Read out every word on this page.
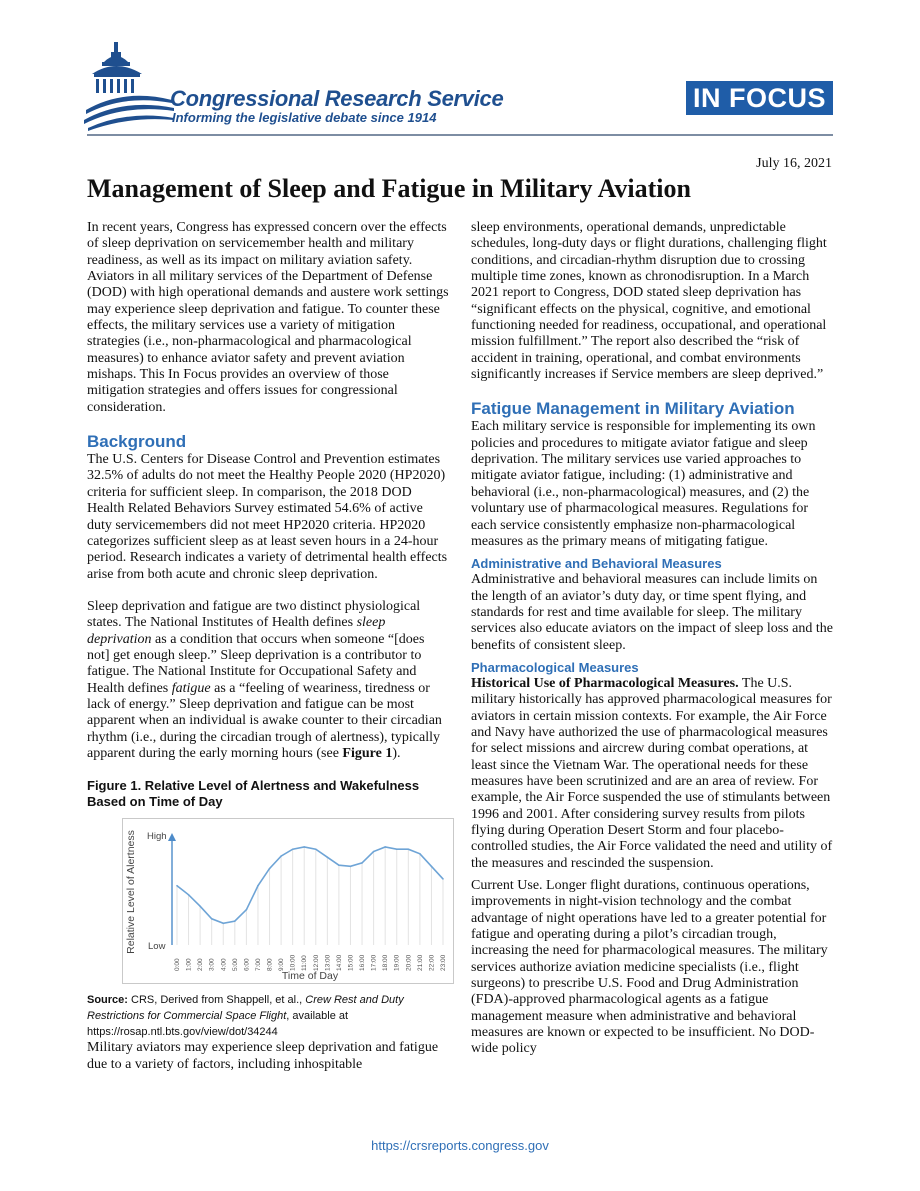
Congressional Research Service
Informing the legislative debate since 1914
IN FOCUS
July 16, 2021
Management of Sleep and Fatigue in Military Aviation

In recent years, Congress has expressed concern over the effects of sleep deprivation on servicemember health and military readiness, as well as its impact on military aviation safety. Aviators in all military services of the Department of Defense (DOD) with high operational demands and austere work settings may experience sleep deprivation and fatigue. To counter these effects, the military services use a variety of mitigation strategies (i.e., non-pharmacological and pharmacological measures) to enhance aviator safety and prevent aviation mishaps. This In Focus provides an overview of those mitigation strategies and offers issues for congressional consideration.

Background

The U.S. Centers for Disease Control and Prevention estimates 32.5% of adults do not meet the Healthy People 2020 (HP2020) criteria for sufficient sleep. In comparison, the 2018 DOD Health Related Behaviors Survey estimated 54.6% of active duty servicemembers did not meet HP2020 criteria. HP2020 categorizes sufficient sleep as at least seven hours in a 24-hour period. Research indicates a variety of detrimental health effects arise from both acute and chronic sleep deprivation.

Sleep deprivation and fatigue are two distinct physiological states. The National Institutes of Health defines sleep deprivation as a condition that occurs when someone “[does not] get enough sleep.” Sleep deprivation is a contributor to fatigue. The National Institute for Occupational Safety and Health defines fatigue as a “feeling of weariness, tiredness or lack of energy.” Sleep deprivation and fatigue can be most apparent when an individual is awake counter to their circadian rhythm (i.e., during the circadian trough of alertness), typically apparent during the early morning hours (see Figure 1).

Figure 1. Relative Level of Alertness and Wakefulness Based on Time of Day

0:00 1:00 2:00 3:00 4:00 5:00 6:00 7:00 8:00 9:00 10:00 11:00 12:00 13:00 14:00 15:00 16:00 17:00 18:00 19:00 20:00 21:00 22:00 23:00
High
Low
Relative Level of Alertness
Time of Day

Source: CRS, Derived from Shappell, et al., Crew Rest and Duty Restrictions for Commercial Space Flight, available at https://rosap.ntl.bts.gov/view/dot/34244

Military aviators may experience sleep deprivation and fatigue due to a variety of factors, including inhospitable

sleep environments, operational demands, unpredictable schedules, long-duty days or flight durations, challenging flight conditions, and circadian-rhythm disruption due to crossing multiple time zones, known as chronodisruption. In a March 2021 report to Congress, DOD stated sleep deprivation has “significant effects on the physical, cognitive, and emotional functioning needed for readiness, occupational, and operational mission fulfillment.” The report also described the “risk of accident in training, operational, and combat environments significantly increases if Service members are sleep deprived.”

Fatigue Management in Military Aviation

Each military service is responsible for implementing its own policies and procedures to mitigate aviator fatigue and sleep deprivation. The military services use varied approaches to mitigate aviator fatigue, including: (1) administrative and behavioral (i.e., non-pharmacological) measures, and (2) the voluntary use of pharmacological measures. Regulations for each service consistently emphasize non-pharmacological measures as the primary means of mitigating fatigue.

Administrative and Behavioral Measures

Administrative and behavioral measures can include limits on the length of an aviator’s duty day, or time spent flying, and standards for rest and time available for sleep. The military services also educate aviators on the impact of sleep loss and the benefits of consistent sleep.

Pharmacological Measures

Historical Use of Pharmacological Measures. The U.S. military historically has approved pharmacological measures for aviators in certain mission contexts. For example, the Air Force and Navy have authorized the use of pharmacological measures for select missions and aircrew during combat operations, at least since the Vietnam War. The operational needs for these measures have been scrutinized and are an area of review. For example, the Air Force suspended the use of stimulants between 1996 and 2001. After considering survey results from pilots flying during Operation Desert Storm and four placebo-controlled studies, the Air Force validated the need and utility of the measures and rescinded the suspension.

Current Use. Longer flight durations, continuous operations, improvements in night-vision technology and the combat advantage of night operations have led to a greater potential for fatigue and operating during a pilot’s circadian trough, increasing the need for pharmacological measures. The military services authorize aviation medicine specialists (i.e., flight surgeons) to prescribe U.S. Food and Drug Administration (FDA)-approved pharmacological agents as a fatigue management measure when administrative and behavioral measures are known or expected to be insufficient. No DOD-wide policy

https://crsreports.congress.gov
